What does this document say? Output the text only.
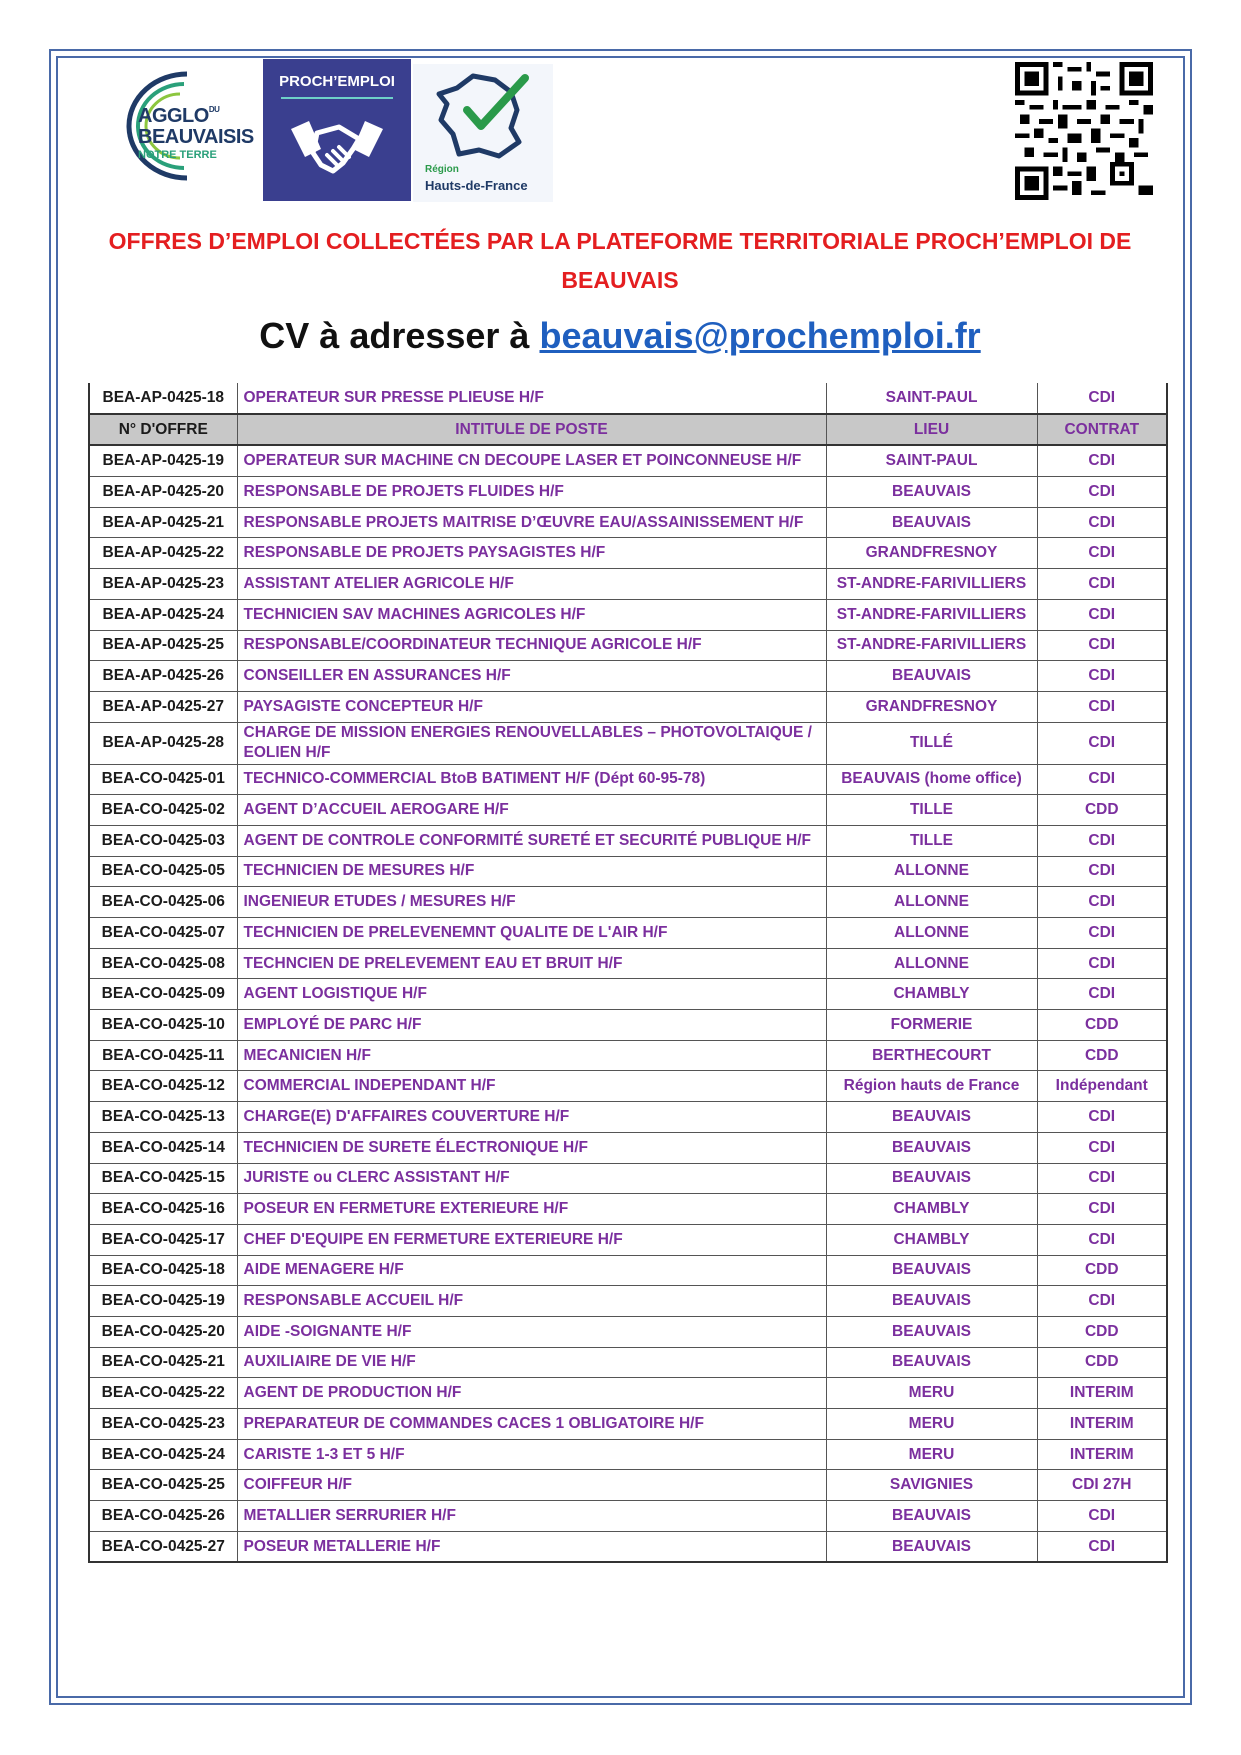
$AGGLO^{DU}$
BEAUVAISIS
NOTRE TERRE
PROCH’EMPLOI
Région
Hauts-de-France
OFFRES D’EMPLOI COLLECTÉES PAR LA PLATEFORME TERRITORIALE PROCH’EMPLOI DE BEAUVAIS
CV à adresser à beauvais@prochemploi.fr
BEA-AP-0425-18	OPERATEUR SUR PRESSE PLIEUSE H/F	SAINT-PAUL	CDI
N° D'OFFRE	INTITULE DE POSTE	LIEU	CONTRAT
BEA-AP-0425-19	OPERATEUR SUR MACHINE CN DECOUPE LASER ET POINCONNEUSE H/F	SAINT-PAUL	CDI
BEA-AP-0425-20	RESPONSABLE DE PROJETS FLUIDES H/F	BEAUVAIS	CDI
BEA-AP-0425-21	RESPONSABLE PROJETS MAITRISE D’ŒUVRE EAU/ASSAINISSEMENT H/F	BEAUVAIS	CDI
BEA-AP-0425-22	RESPONSABLE DE PROJETS PAYSAGISTES H/F	GRANDFRESNOY	CDI
BEA-AP-0425-23	ASSISTANT ATELIER AGRICOLE H/F	ST-ANDRE-FARIVILLIERS	CDI
BEA-AP-0425-24	TECHNICIEN SAV MACHINES AGRICOLES H/F	ST-ANDRE-FARIVILLIERS	CDI
BEA-AP-0425-25	RESPONSABLE/COORDINATEUR TECHNIQUE AGRICOLE H/F	ST-ANDRE-FARIVILLIERS	CDI
BEA-AP-0425-26	CONSEILLER EN ASSURANCES H/F	BEAUVAIS	CDI
BEA-AP-0425-27	PAYSAGISTE CONCEPTEUR H/F	GRANDFRESNOY	CDI
BEA-AP-0425-28	CHARGE DE MISSION ENERGIES RENOUVELLABLES – PHOTOVOLTAIQUE / EOLIEN H/F	TILLÉ	CDI
BEA-CO-0425-01	TECHNICO-COMMERCIAL BtoB BATIMENT H/F (Dépt 60-95-78)	BEAUVAIS (home office)	CDI
BEA-CO-0425-02	AGENT D’ACCUEIL AEROGARE H/F	TILLE	CDD
BEA-CO-0425-03	AGENT DE CONTROLE CONFORMITÉ SURETÉ ET SECURITÉ PUBLIQUE H/F	TILLE	CDI
BEA-CO-0425-05	TECHNICIEN DE MESURES H/F	ALLONNE	CDI
BEA-CO-0425-06	INGENIEUR ETUDES / MESURES H/F	ALLONNE	CDI
BEA-CO-0425-07	TECHNICIEN DE PRELEVENEMNT QUALITE DE L'AIR H/F	ALLONNE	CDI
BEA-CO-0425-08	TECHNCIEN DE PRELEVEMENT EAU ET BRUIT H/F	ALLONNE	CDI
BEA-CO-0425-09	AGENT LOGISTIQUE H/F	CHAMBLY	CDI
BEA-CO-0425-10	EMPLOYÉ DE PARC H/F	FORMERIE	CDD
BEA-CO-0425-11	MECANICIEN H/F	BERTHECOURT	CDD
BEA-CO-0425-12	COMMERCIAL INDEPENDANT H/F	Région hauts de France	Indépendant
BEA-CO-0425-13	CHARGE(E) D'AFFAIRES COUVERTURE H/F	BEAUVAIS	CDI
BEA-CO-0425-14	TECHNICIEN DE SURETE ÉLECTRONIQUE H/F	BEAUVAIS	CDI
BEA-CO-0425-15	JURISTE ou CLERC ASSISTANT H/F	BEAUVAIS	CDI
BEA-CO-0425-16	POSEUR EN FERMETURE EXTERIEURE H/F	CHAMBLY	CDI
BEA-CO-0425-17	CHEF D'EQUIPE EN FERMETURE EXTERIEURE H/F	CHAMBLY	CDI
BEA-CO-0425-18	AIDE MENAGERE H/F	BEAUVAIS	CDD
BEA-CO-0425-19	RESPONSABLE ACCUEIL H/F	BEAUVAIS	CDI
BEA-CO-0425-20	AIDE -SOIGNANTE H/F	BEAUVAIS	CDD
BEA-CO-0425-21	AUXILIAIRE DE VIE H/F	BEAUVAIS	CDD
BEA-CO-0425-22	AGENT DE PRODUCTION H/F	MERU	INTERIM
BEA-CO-0425-23	PREPARATEUR DE COMMANDES CACES 1 OBLIGATOIRE H/F	MERU	INTERIM
BEA-CO-0425-24	CARISTE 1-3 ET 5 H/F	MERU	INTERIM
BEA-CO-0425-25	COIFFEUR H/F	SAVIGNIES	CDI 27H
BEA-CO-0425-26	METALLIER SERRURIER H/F	BEAUVAIS	CDI
BEA-CO-0425-27	POSEUR METALLERIE H/F	BEAUVAIS	CDI
